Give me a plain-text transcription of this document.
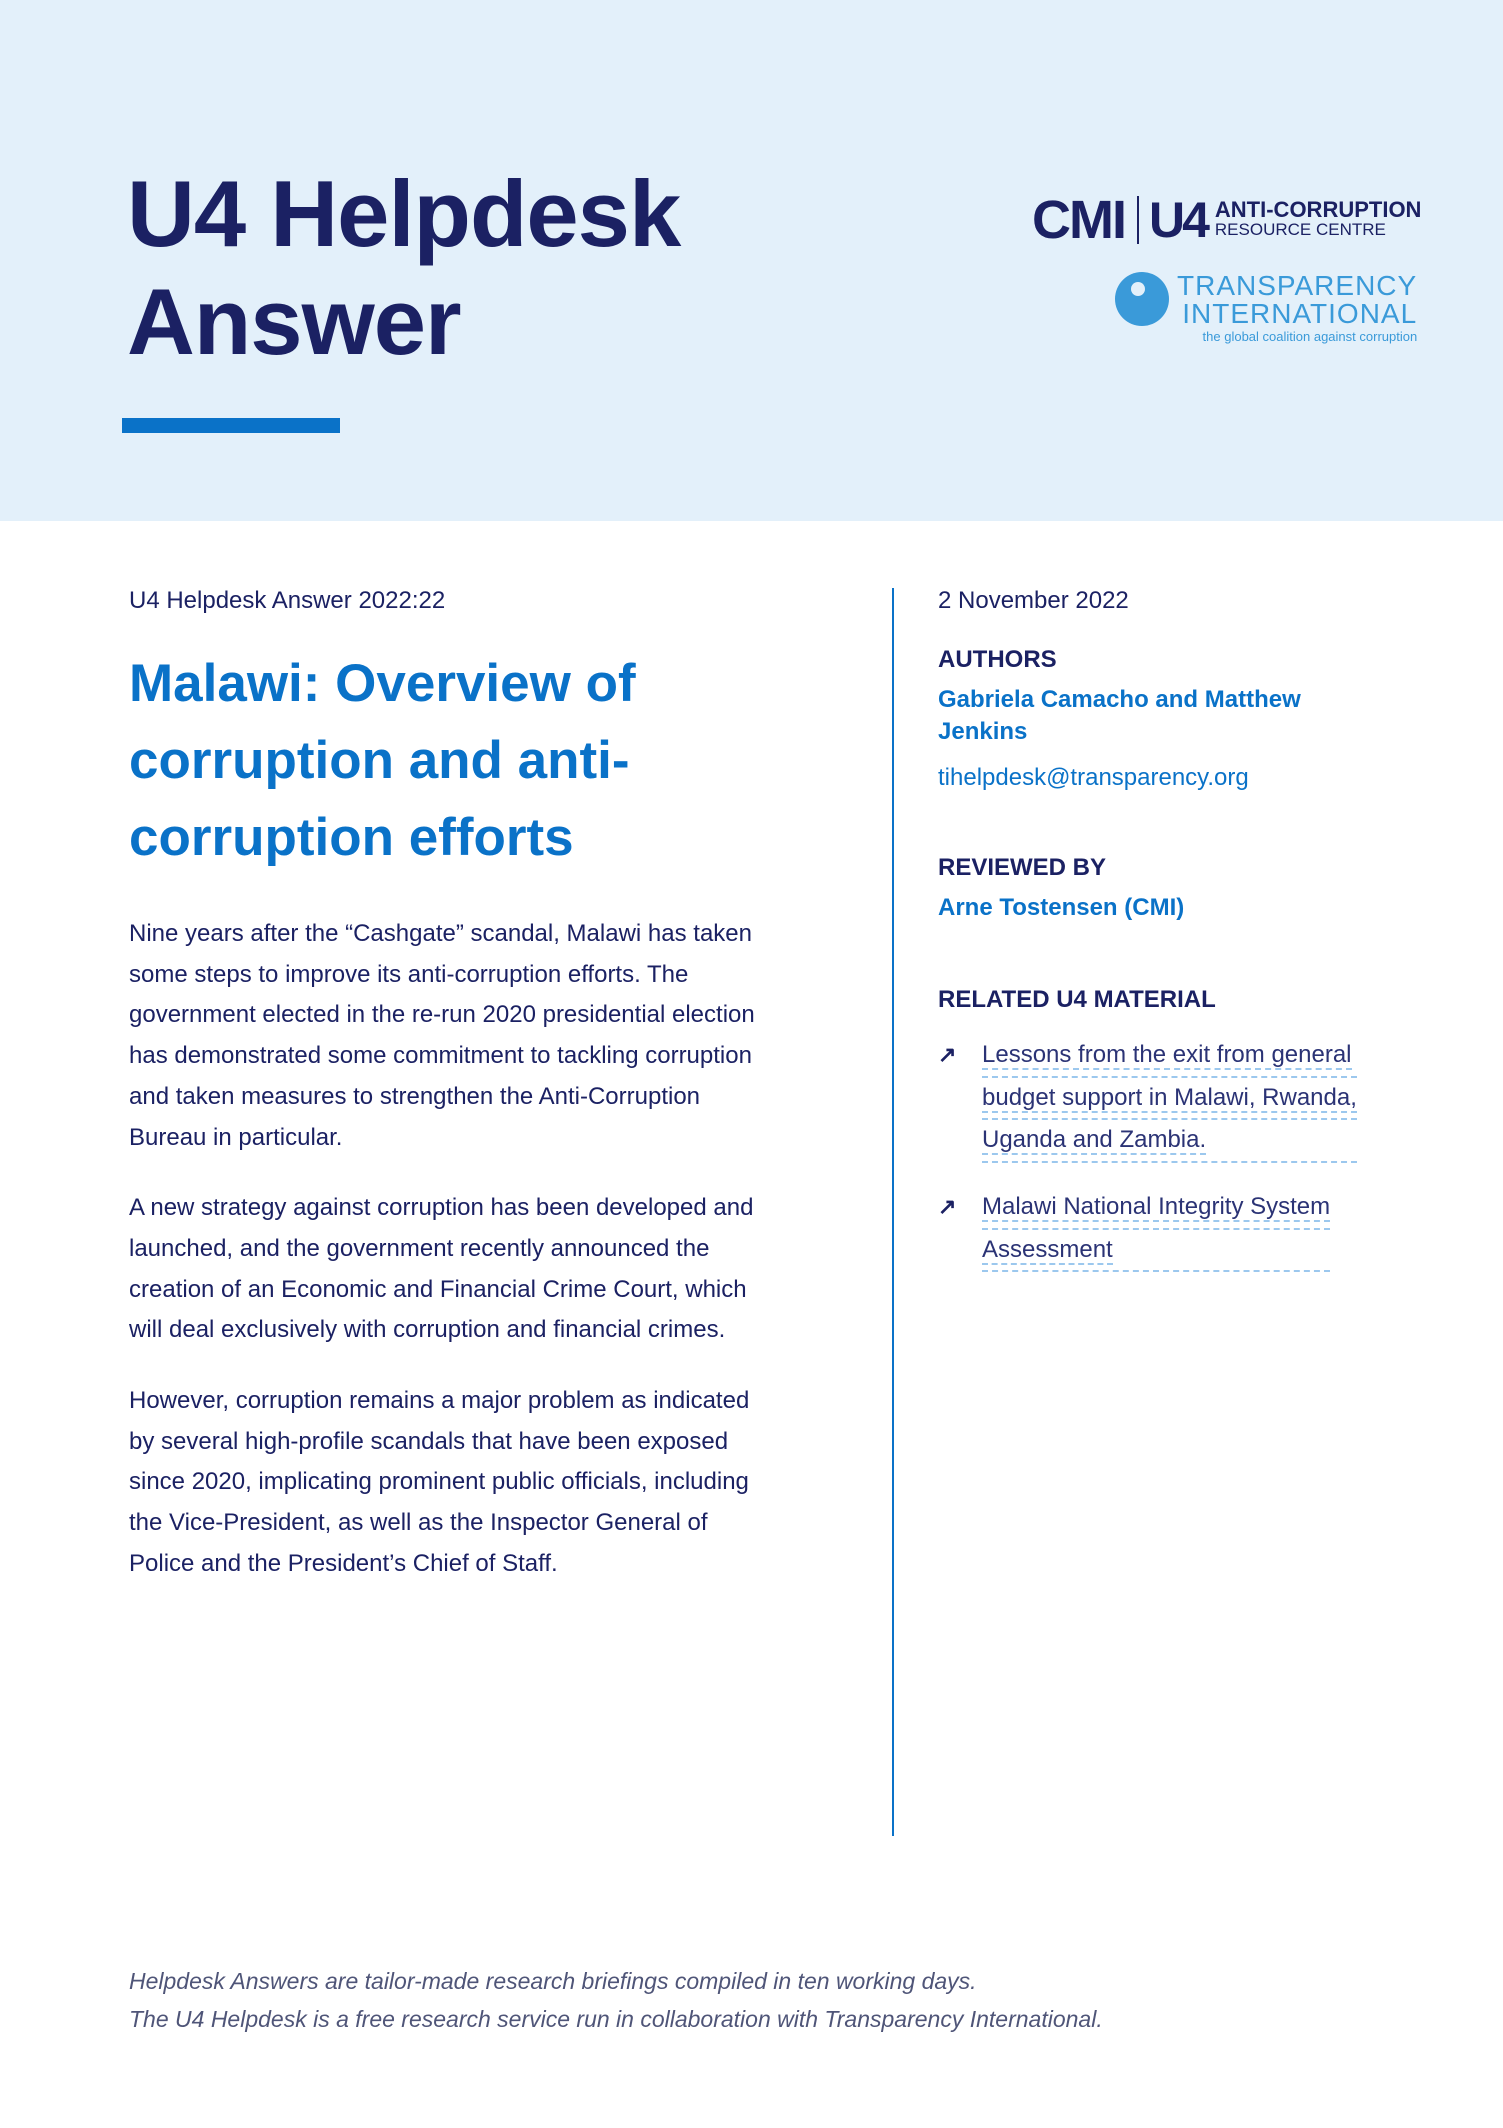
U4 Helpdesk
Answer
CMI U4 ANTI-CORRUPTION
RESOURCE CENTRE
TRANSPARENCY
INTERNATIONAL
the global coalition against corruption
U4 Helpdesk Answer 2022:22
Malawi: Overview of
corruption and anti-
corruption efforts

Nine years after the “Cashgate” scandal, Malawi has taken
some steps to improve its anti-corruption efforts. The
government elected in the re-run 2020 presidential election
has demonstrated some commitment to tackling corruption
and taken measures to strengthen the Anti-Corruption
Bureau in particular.

A new strategy against corruption has been developed and
launched, and the government recently announced the
creation of an Economic and Financial Crime Court, which
will deal exclusively with corruption and financial crimes.

However, corruption remains a major problem as indicated
by several high-profile scandals that have been exposed
since 2020, implicating prominent public officials, including
the Vice-President, as well as the Inspector General of
Police and the President’s Chief of Staff.

2 November 2022
AUTHORS
Gabriela Camacho and Matthew
Jenkins
tihelpdesk@transparency.org
REVIEWED BY
Arne Tostensen (CMI)
RELATED U4 MATERIAL
↗	Lessons from the exit from general
budget support in Malawi, Rwanda,
Uganda and Zambia.
↗	Malawi National Integrity System
Assessment
Helpdesk Answers are tailor-made research briefings compiled in ten working days.
The U4 Helpdesk is a free research service run in collaboration with Transparency International.
